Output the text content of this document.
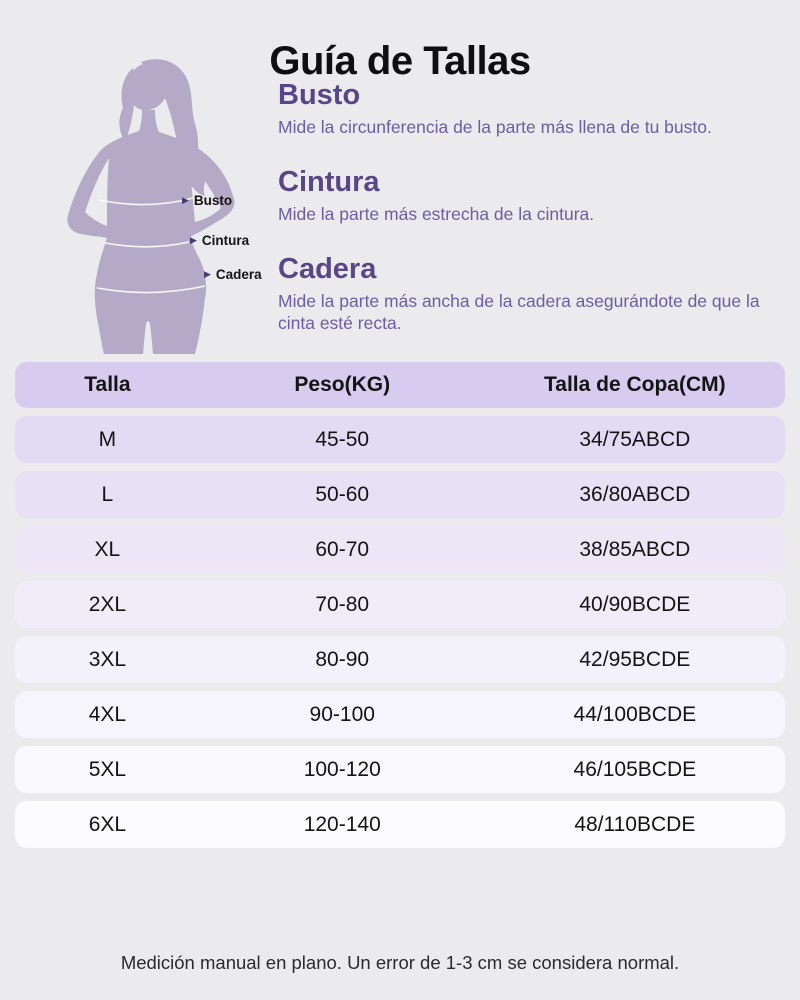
Guía de Tallas
▶ Busto
▶ Cintura
▶ Cadera
Busto

Mide la circunferencia de la parte más llena de tu busto.

Cintura

Mide la parte más estrecha de la cintura.

Cadera

Mide la parte más ancha de la cadera asegurándote de que la cinta esté recta.

Talla	Peso(KG)	Talla de Copa(CM)
M	45-50	34/75ABCD
L	50-60	36/80ABCD
XL	60-70	38/85ABCD
2XL	70-80	40/90BCDE
3XL	80-90	42/95BCDE
4XL	90-100	44/100BCDE
5XL	100-120	46/105BCDE
6XL	120-140	48/110BCDE
Medición manual en plano. Un error de 1-3 cm se considera normal.
